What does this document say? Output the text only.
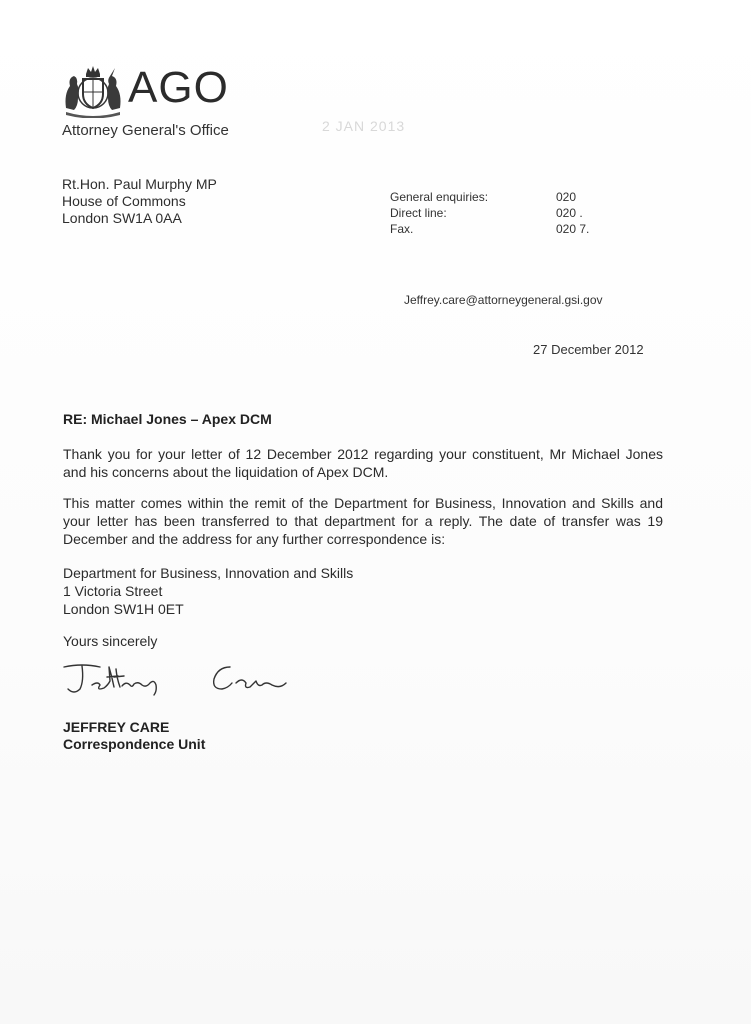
AGO
Attorney General's Office	2 JAN 2013
Rt.Hon. Paul Murphy MP
House of Commons
London SW1A 0AA
General enquiries:	020
Direct line:	020 .
Fax.	020 7.
Jeffrey.care@attorneygeneral.gsi.gov
27 December 2012
RE: Michael Jones – Apex DCM
Thank you for your letter of 12 December 2012 regarding your constituent, Mr Michael Jones and his concerns about the liquidation of Apex DCM.
This matter comes within the remit of the Department for Business, Innovation and Skills and your letter has been transferred to that department for a reply. The date of transfer was 19 December and the address for any further correspondence is:
Department for Business, Innovation and Skills
1 Victoria Street
London SW1H 0ET
Yours sincerely
JEFFREY CARE
Correspondence Unit
